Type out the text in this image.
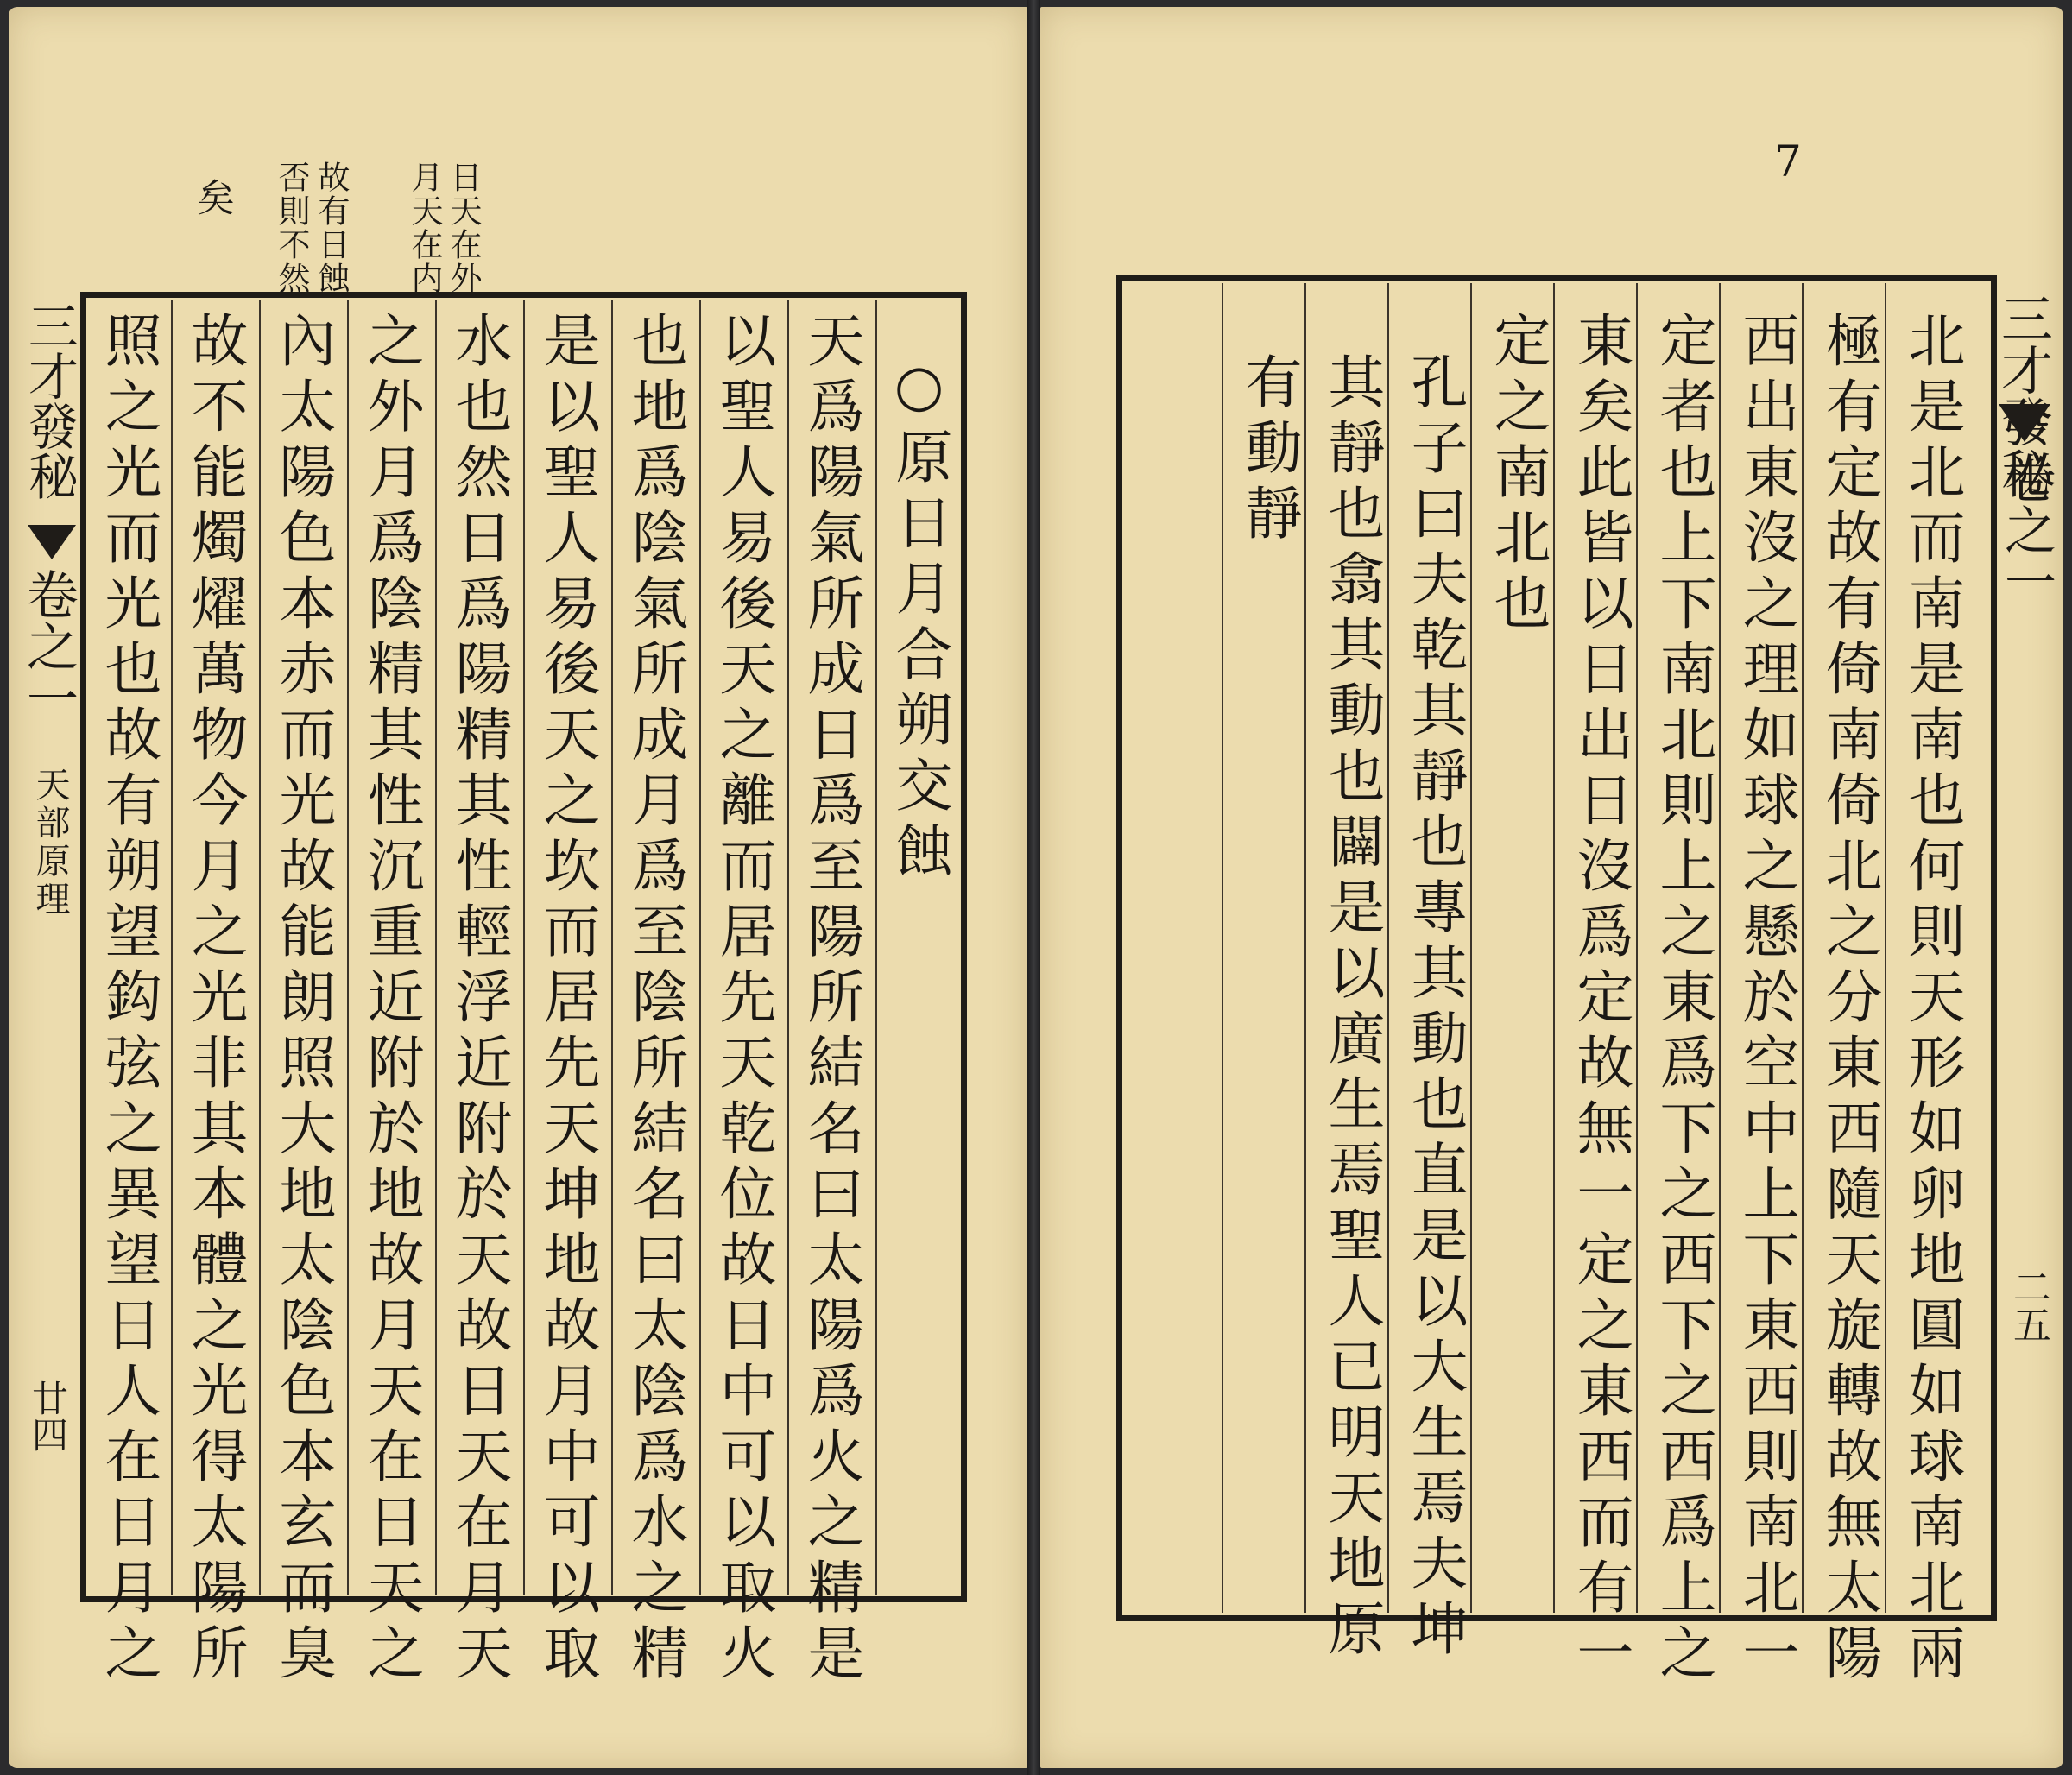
日天在外
月天在内
故有日蝕
否則不然
矣
三才發秘
卷之一
天部原理
廿四
○原日月合朔交蝕
天爲陽氣所成日爲至陽所結名曰太陽爲火之精是
以聖人易後天之離而居先天乾位故日中可以取火
也地爲陰氣所成月爲至陰所結名曰太陰爲水之精
是以聖人易後天之坎而居先天坤地故月中可以取
水也然日爲陽精其性輕浮近附於天故日天在月天
之外月爲陰精其性沉重近附於地故月天在日天之
內太陽色本赤而光故能朗照大地太陰色本玄而臭
故不能燭燿萬物今月之光非其本體之光得太陽所
照之光而光也故有朔望鈎弦之異望日人在日月之
7
三才發秘
卷之一
二五
北是北而南是南也何則天形如卵地圓如球南北兩
極有定故有倚南倚北之分東西隨天旋轉故無太陽
西出東沒之理如球之懸於空中上下東西則南北一
定者也上下南北則上之東爲下之西下之西爲上之
東矣此皆以日出日沒爲定故無一定之東西而有一
定之南北也
孔子曰夫乾其靜也專其動也直是以大生焉夫坤
其靜也翕其動也闢是以廣生焉聖人已明天地原
有動靜
